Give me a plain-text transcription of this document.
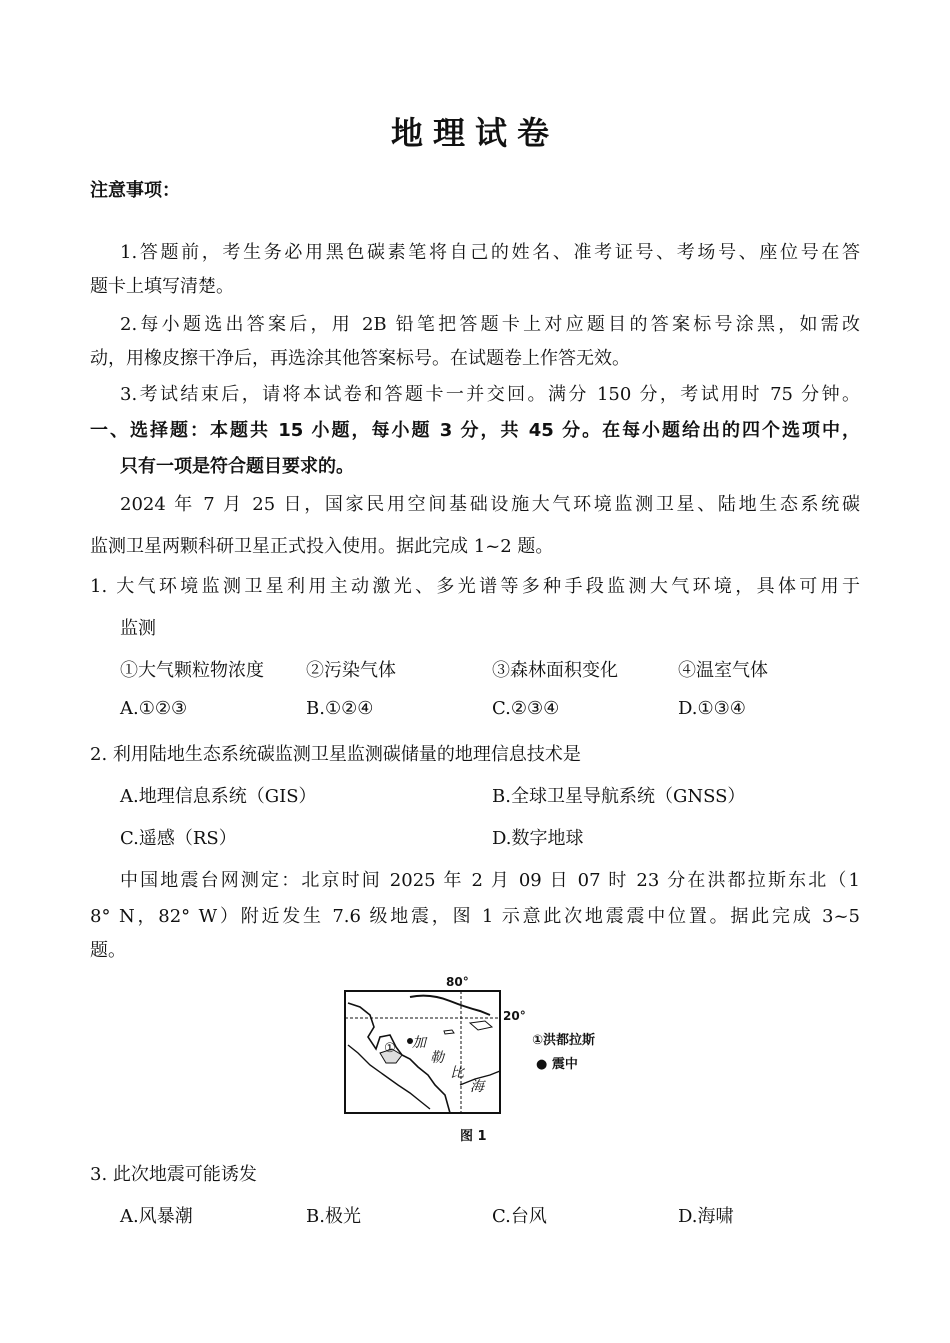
地理试卷
注意事项：
1.答题前，考生务必用黑色碳素笔将自己的姓名、准考证号、考场号、座位号在答
题卡上填写清楚。
2.每小题选出答案后，用 2B 铅笔把答题卡上对应题目的答案标号涂黑，如需改
动，用橡皮擦干净后，再选涂其他答案标号。在试题卷上作答无效。
3.考试结束后，请将本试卷和答题卡一并交回。满分 150 分，考试用时 75 分钟。
一、选择题：本题共 15 小题，每小题 3 分，共 45 分。在每小题给出的四个选项中，
只有一项是符合题目要求的。
2024 年 7 月 25 日，国家民用空间基础设施大气环境监测卫星、陆地生态系统碳
监测卫星两颗科研卫星正式投入使用。据此完成 1~2 题。
1. 大气环境监测卫星利用主动激光、多光谱等多种手段监测大气环境，具体可用于
监测
①大气颗粒物浓度 ②污染气体	③森林面积变化	④温室气体
A.①②③	B.①②④	C.②③④	D.①③④
2. 利用陆地生态系统碳监测卫星监测碳储量的地理信息技术是
A.地理信息系统（GIS）	B.全球卫星导航系统（GNSS）
C.遥感（RS）	D.数字地球
中国地震台网测定：北京时间 2025 年 2 月 09 日 07 时 23 分在洪都拉斯东北（1
8° N，82° W）附近发生 7.6 级地震，图 1 示意此次地震震中位置。据此完成 3~5
题。
80°
20°
加
勒
比
海
①
①洪都拉斯
● 震中
图 1
3. 此次地震可能诱发
A.风暴潮	B.极光	C.台风	D.海啸
